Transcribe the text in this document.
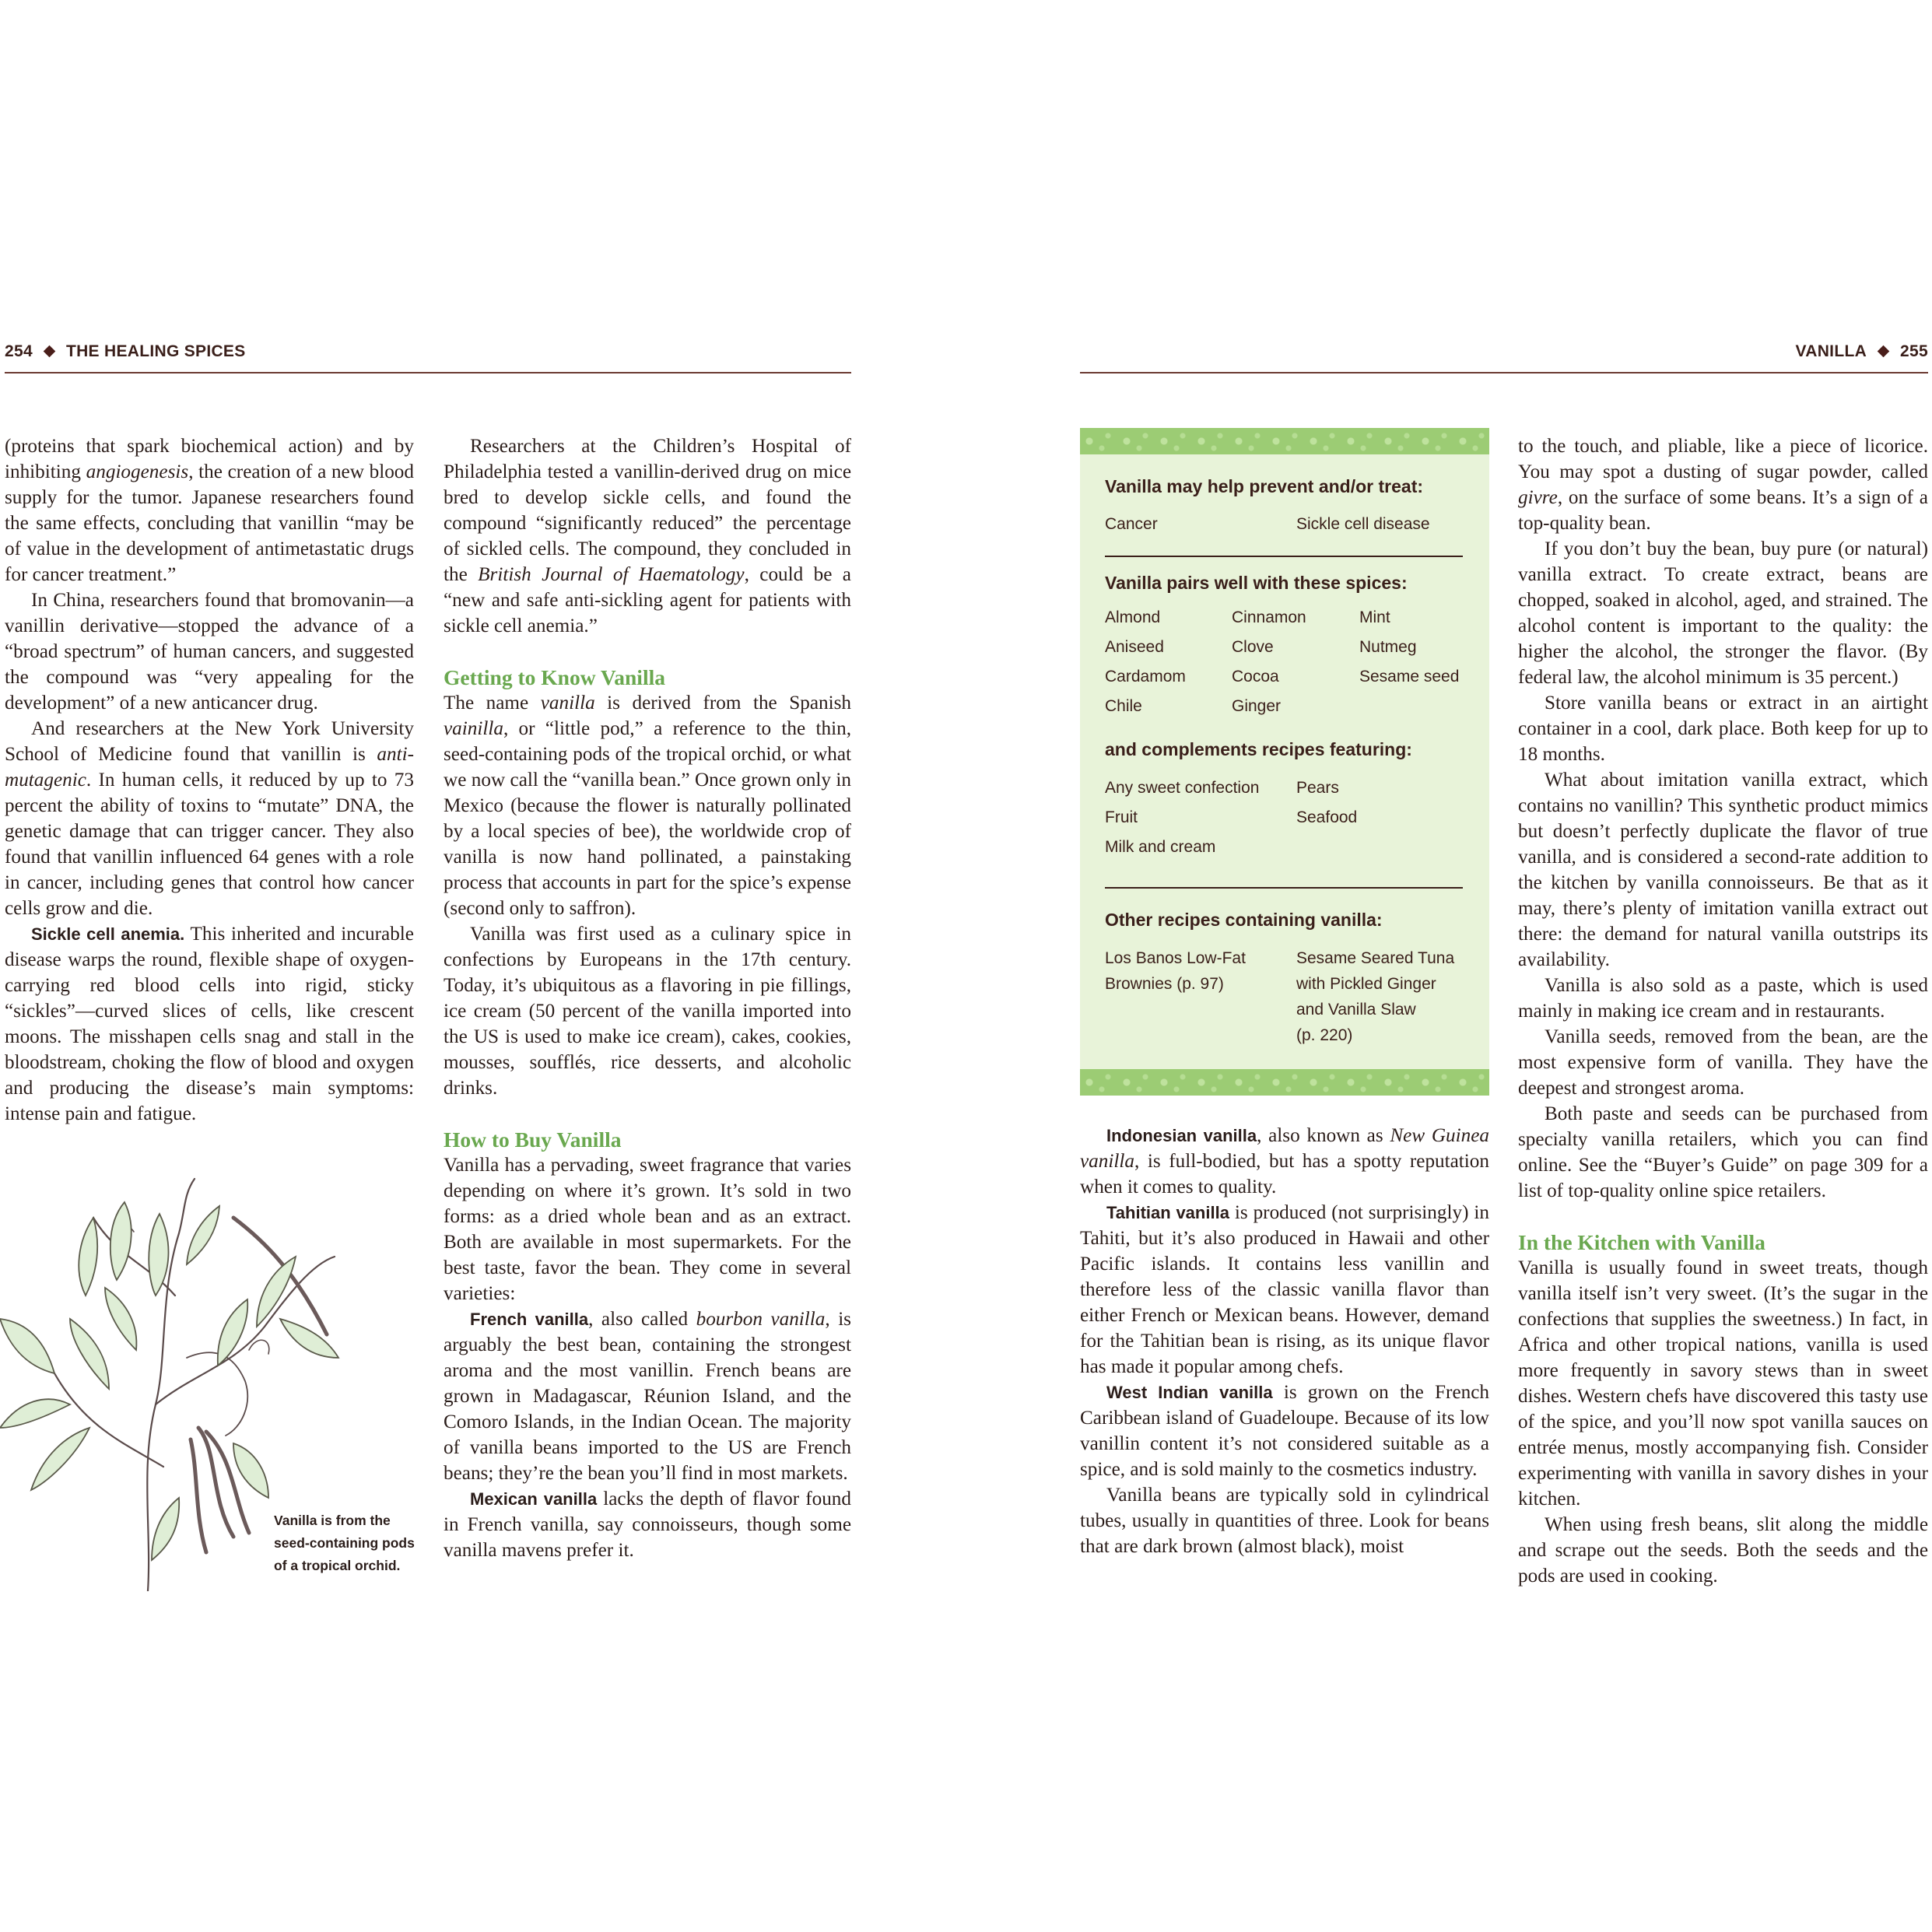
254 THE HEALING SPICES

(proteins that spark biochemical action) and by inhibiting angiogenesis, the creation of a new blood supply for the tumor. Japanese researchers found the same effects, concluding that vanillin “may be of value in the development of antimetastatic drugs for cancer treatment.”

In China, researchers found that bromovanin—a vanillin derivative—stopped the advance of a “broad spectrum” of human cancers, and suggested the compound was “very appealing for the development” of a new anticancer drug.

And researchers at the New York University School of Medicine found that vanillin is antimutagenic. In human cells, it reduced by up to 73 percent the ability of toxins to “mutate” DNA, the genetic damage that can trigger cancer. They also found that vanillin influenced 64 genes with a role in cancer, including genes that control how cancer cells grow and die.

Sickle cell anemia. This inherited and incurable disease warps the round, flexible shape of oxygen-carrying red blood cells into rigid, sticky “sickles”—curved slices of cells, like crescent moons. The misshapen cells snag and stall in the bloodstream, choking the flow of blood and oxygen and producing the disease’s main symptoms: intense pain and fatigue.

Vanilla is from the seed-containing pods of a tropical orchid.

Researchers at the Children’s Hospital of Philadelphia tested a vanillin-derived drug on mice bred to develop sickle cells, and found the compound “significantly reduced” the percentage of sickled cells. The compound, they concluded in the British Journal of Haematology, could be a “new and safe anti-sickling agent for patients with sickle cell anemia.”

Getting to Know Vanilla

The name vanilla is derived from the Spanish vainilla, or “little pod,” a reference to the thin, seed-containing pods of the tropical orchid, or what we now call the “vanilla bean.” Once grown only in Mexico (because the flower is naturally pollinated by a local species of bee), the worldwide crop of vanilla is now hand pollinated, a painstaking process that accounts in part for the spice’s expense (second only to saffron).

Vanilla was first used as a culinary spice in confections by Europeans in the 17th century. Today, it’s ubiquitous as a flavoring in pie fillings, ice cream (50 percent of the vanilla imported into the US is used to make ice cream), cakes, cookies, mousses, soufflés, rice desserts, and alcoholic drinks.

How to Buy Vanilla

Vanilla has a pervading, sweet fragrance that varies depending on where it’s grown. It’s sold in two forms: as a dried whole bean and as an extract. Both are available in most supermarkets. For the best taste, favor the bean. They come in several varieties:

French vanilla, also called bourbon vanilla, is arguably the best bean, containing the strongest aroma and the most vanillin. French beans are grown in Madagascar, Réunion Island, and the Comoro Islands, in the Indian Ocean. The majority of vanilla beans imported to the US are French beans; they’re the bean you’ll find in most markets.

Mexican vanilla lacks the depth of flavor found in French vanilla, say connoisseurs, though some vanilla mavens prefer it.

VANILLA 255
Vanilla may help prevent and/or treat:
Cancer	Sickle cell disease
Vanilla pairs well with these spices:
Almond
Aniseed
Cardamom
Chile
Cinnamon
Clove
Cocoa
Ginger
Mint
Nutmeg
Sesame seed
and complements recipes featuring:
Any sweet confection
Fruit
Milk and cream
Pears
Seafood
Other recipes containing vanilla:
Los Banos Low-Fat
Brownies (p. 97)
Sesame Seared Tuna
with Pickled Ginger
and Vanilla Slaw
(p. 220)

Indonesian vanilla, also known as New Guinea vanilla, is full-bodied, but has a spotty reputation when it comes to quality.

Tahitian vanilla is produced (not surprisingly) in Tahiti, but it’s also produced in Hawaii and other Pacific islands. It contains less vanillin and therefore less of the classic vanilla flavor than either French or Mexican beans. However, demand for the Tahitian bean is rising, as its unique flavor has made it popular among chefs.

West Indian vanilla is grown on the French Caribbean island of Guadeloupe. Because of its low vanillin content it’s not considered suitable as a spice, and is sold mainly to the cosmetics industry.

Vanilla beans are typically sold in cylindrical tubes, usually in quantities of three. Look for beans that are dark brown (almost black), moist

to the touch, and pliable, like a piece of licorice. You may spot a dusting of sugar powder, called givre, on the surface of some beans. It’s a sign of a top-quality bean.

If you don’t buy the bean, buy pure (or natural) vanilla extract. To create extract, beans are chopped, soaked in alcohol, aged, and strained. The alcohol content is important to the quality: the higher the alcohol, the stronger the flavor. (By federal law, the alcohol minimum is 35 percent.)

Store vanilla beans or extract in an airtight container in a cool, dark place. Both keep for up to 18 months.

What about imitation vanilla extract, which contains no vanillin? This synthetic product mimics but doesn’t perfectly duplicate the flavor of true vanilla, and is considered a second-rate addition to the kitchen by vanilla connoisseurs. Be that as it may, there’s plenty of imitation vanilla extract out there: the demand for natural vanilla outstrips its availability.

Vanilla is also sold as a paste, which is used mainly in making ice cream and in restaurants.

Vanilla seeds, removed from the bean, are the most expensive form of vanilla. They have the deepest and strongest aroma.

Both paste and seeds can be purchased from specialty vanilla retailers, which you can find online. See the “Buyer’s Guide” on page 309 for a list of top-quality online spice retailers.

In the Kitchen with Vanilla

Vanilla is usually found in sweet treats, though vanilla itself isn’t very sweet. (It’s the sugar in the confections that supplies the sweetness.) In fact, in Africa and other tropical nations, vanilla is used more frequently in savory stews than in sweet dishes. Western chefs have discovered this tasty use of the spice, and you’ll now spot vanilla sauces on entrée menus, mostly accompanying fish. Consider experimenting with vanilla in savory dishes in your kitchen.

When using fresh beans, slit along the middle and scrape out the seeds. Both the seeds and the pods are used in cooking.
